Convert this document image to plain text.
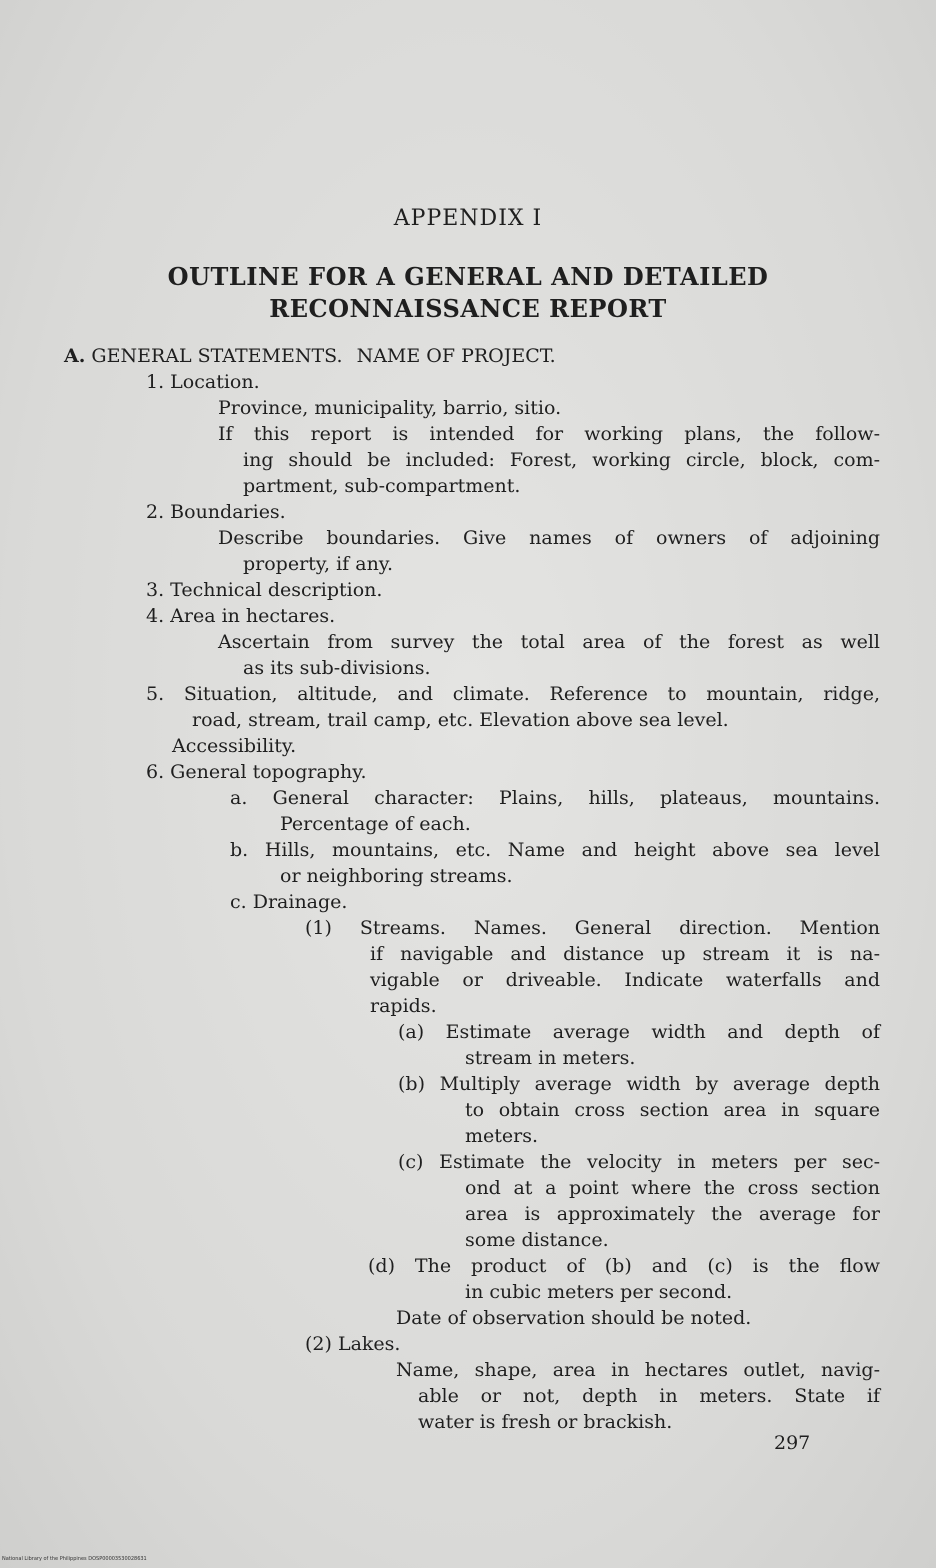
APPENDIX I
OUTLINE FOR A GENERAL AND DETAILED
RECONNAISSANCE REPORT
A. GENERAL STATEMENTS. NAME OF PROJECT.
1. Location.
Province, municipality, barrio, sitio.
If this report is intended for working plans, the follow-
ing should be included: Forest, working circle, block, com-
partment, sub-compartment.
2. Boundaries.
Describe boundaries. Give names of owners of adjoining
property, if any.
3. Technical description.
4. Area in hectares.
Ascertain from survey the total area of the forest as well
as its sub-divisions.
5. Situation, altitude, and climate. Reference to mountain, ridge,
road, stream, trail camp, etc. Elevation above sea level.
Accessibility.
6. General topography.
a. General character: Plains, hills, plateaus, mountains.
Percentage of each.
b. Hills, mountains, etc. Name and height above sea level
or neighboring streams.
c. Drainage.
(1) Streams. Names. General direction. Mention
if navigable and distance up stream it is na-
vigable or driveable. Indicate waterfalls and
rapids.
(a) Estimate average width and depth of
stream in meters.
(b) Multiply average width by average depth
to obtain cross section area in square
meters.
(c) Estimate the velocity in meters per sec-
ond at a point where the cross section
area is approximately the average for
some distance.
(d) The product of (b) and (c) is the flow
in cubic meters per second.
Date of observation should be noted.
(2) Lakes.
Name, shape, area in hectares outlet, navig-
able or not, depth in meters. State if
water is fresh or brackish.
297
National Library of the Philippines DOSP00003530028631
